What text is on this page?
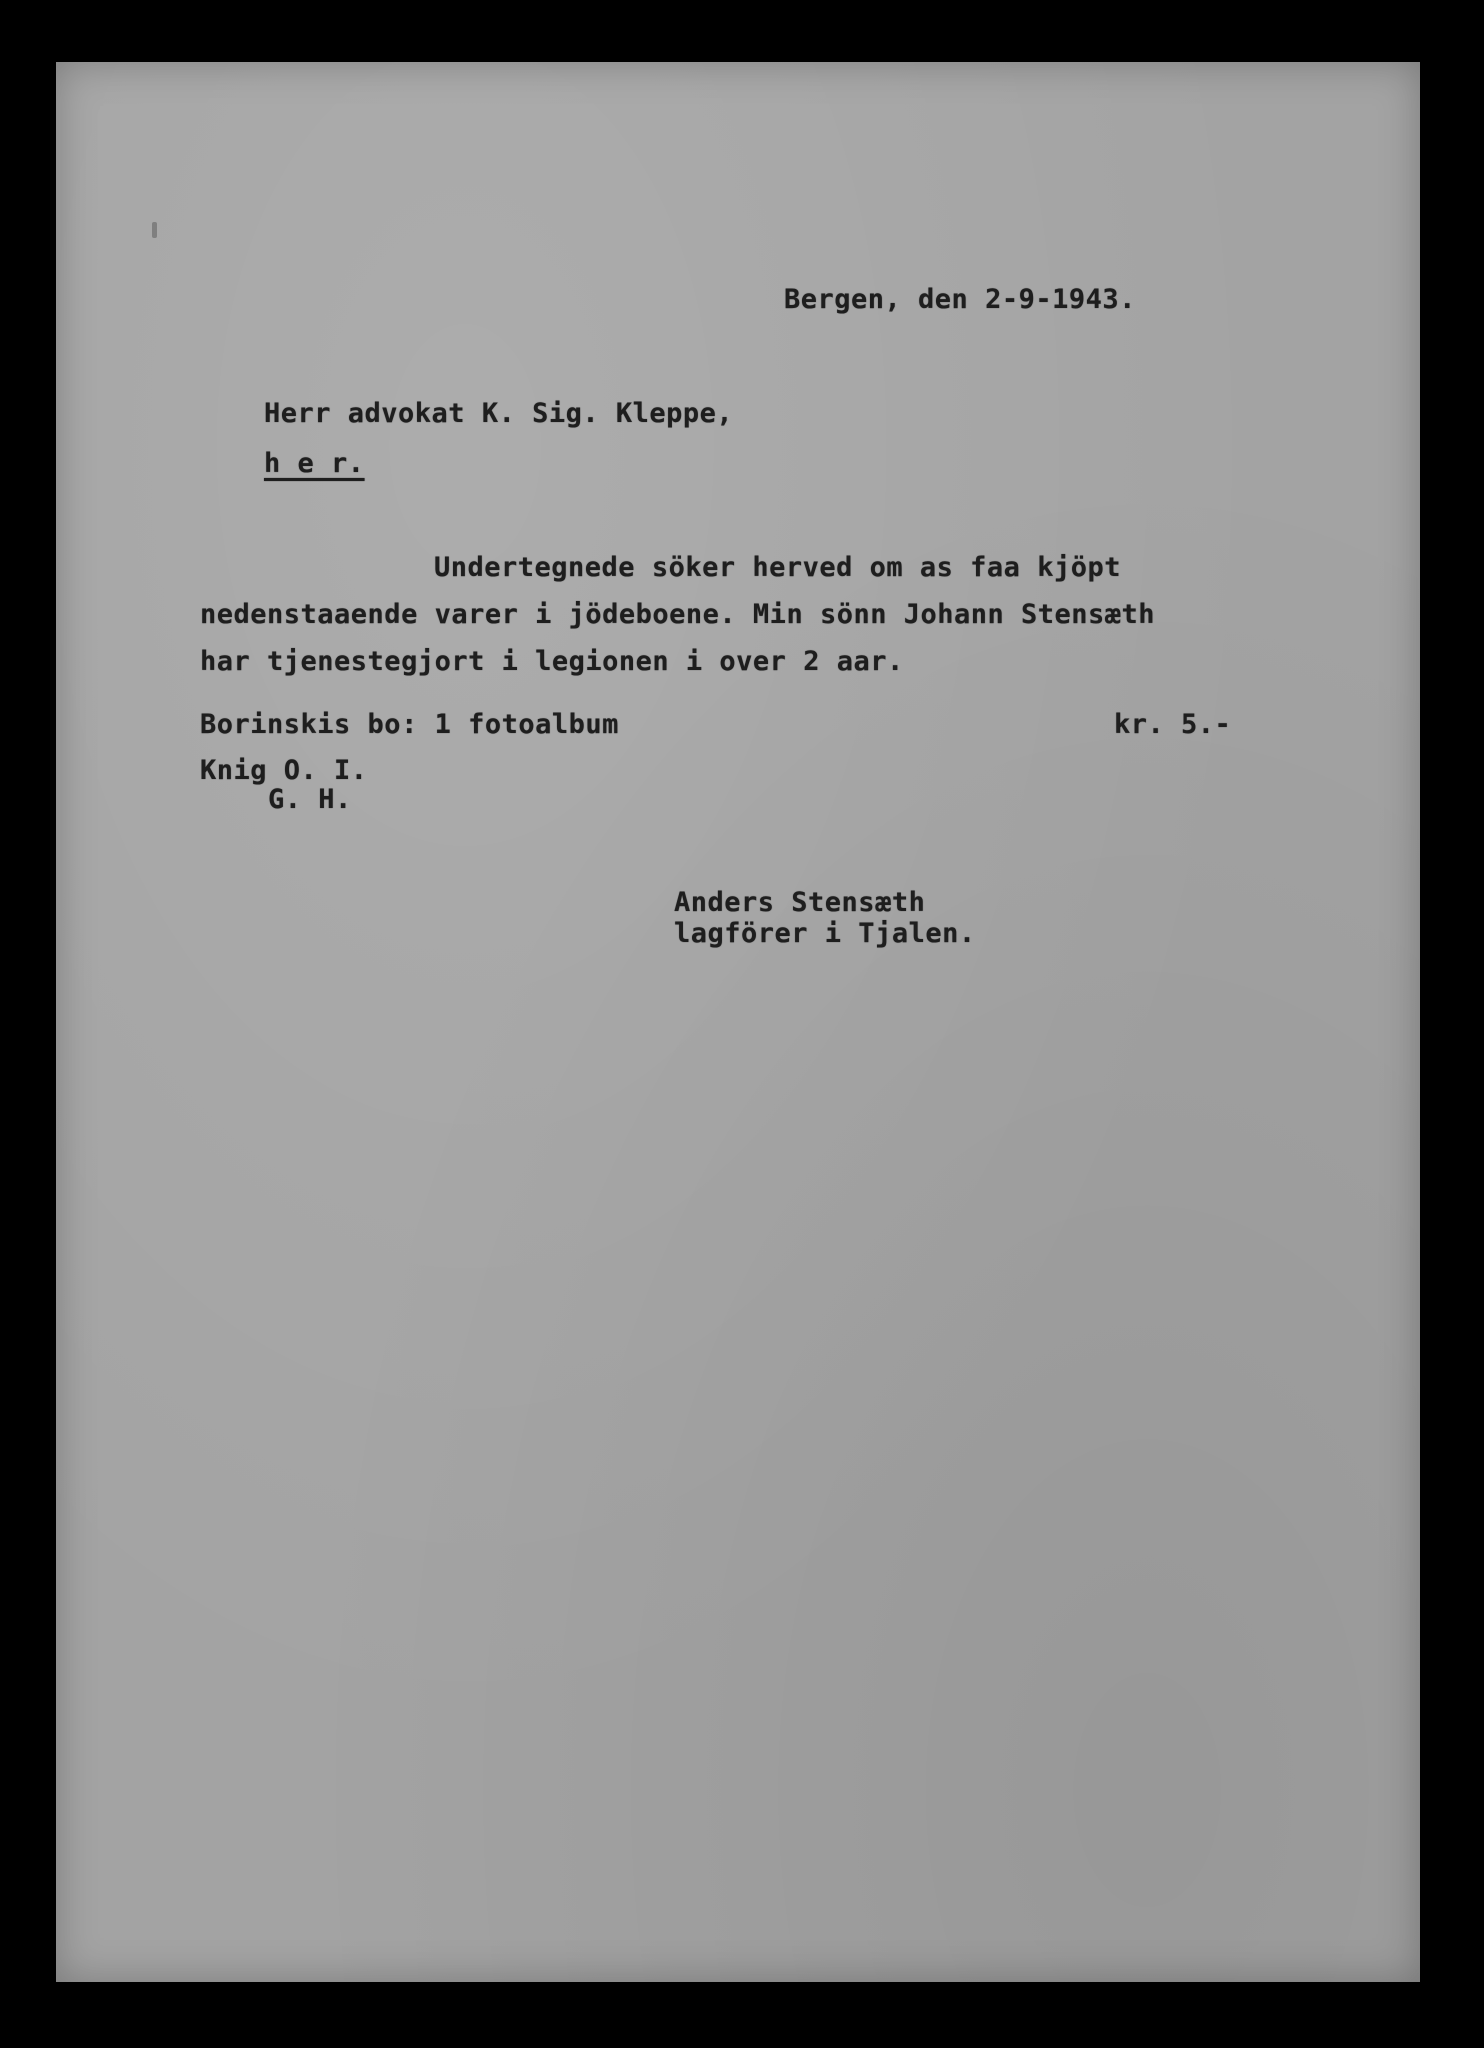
Bergen, den 2-9-1943.
Herr advokat K. Sig. Kleppe,
h e r.
Undertegnede söker herved om as faa kjöpt
nedenstaaende varer i jödeboene. Min sönn Johann Stensæth
har tjenestegjort i legionen i over 2 aar.
Borinskis bo: 1 fotoalbum	kr. 5.-
Knig O. I.
G. H.
Anders Stensæth
lagförer i Tjalen.
